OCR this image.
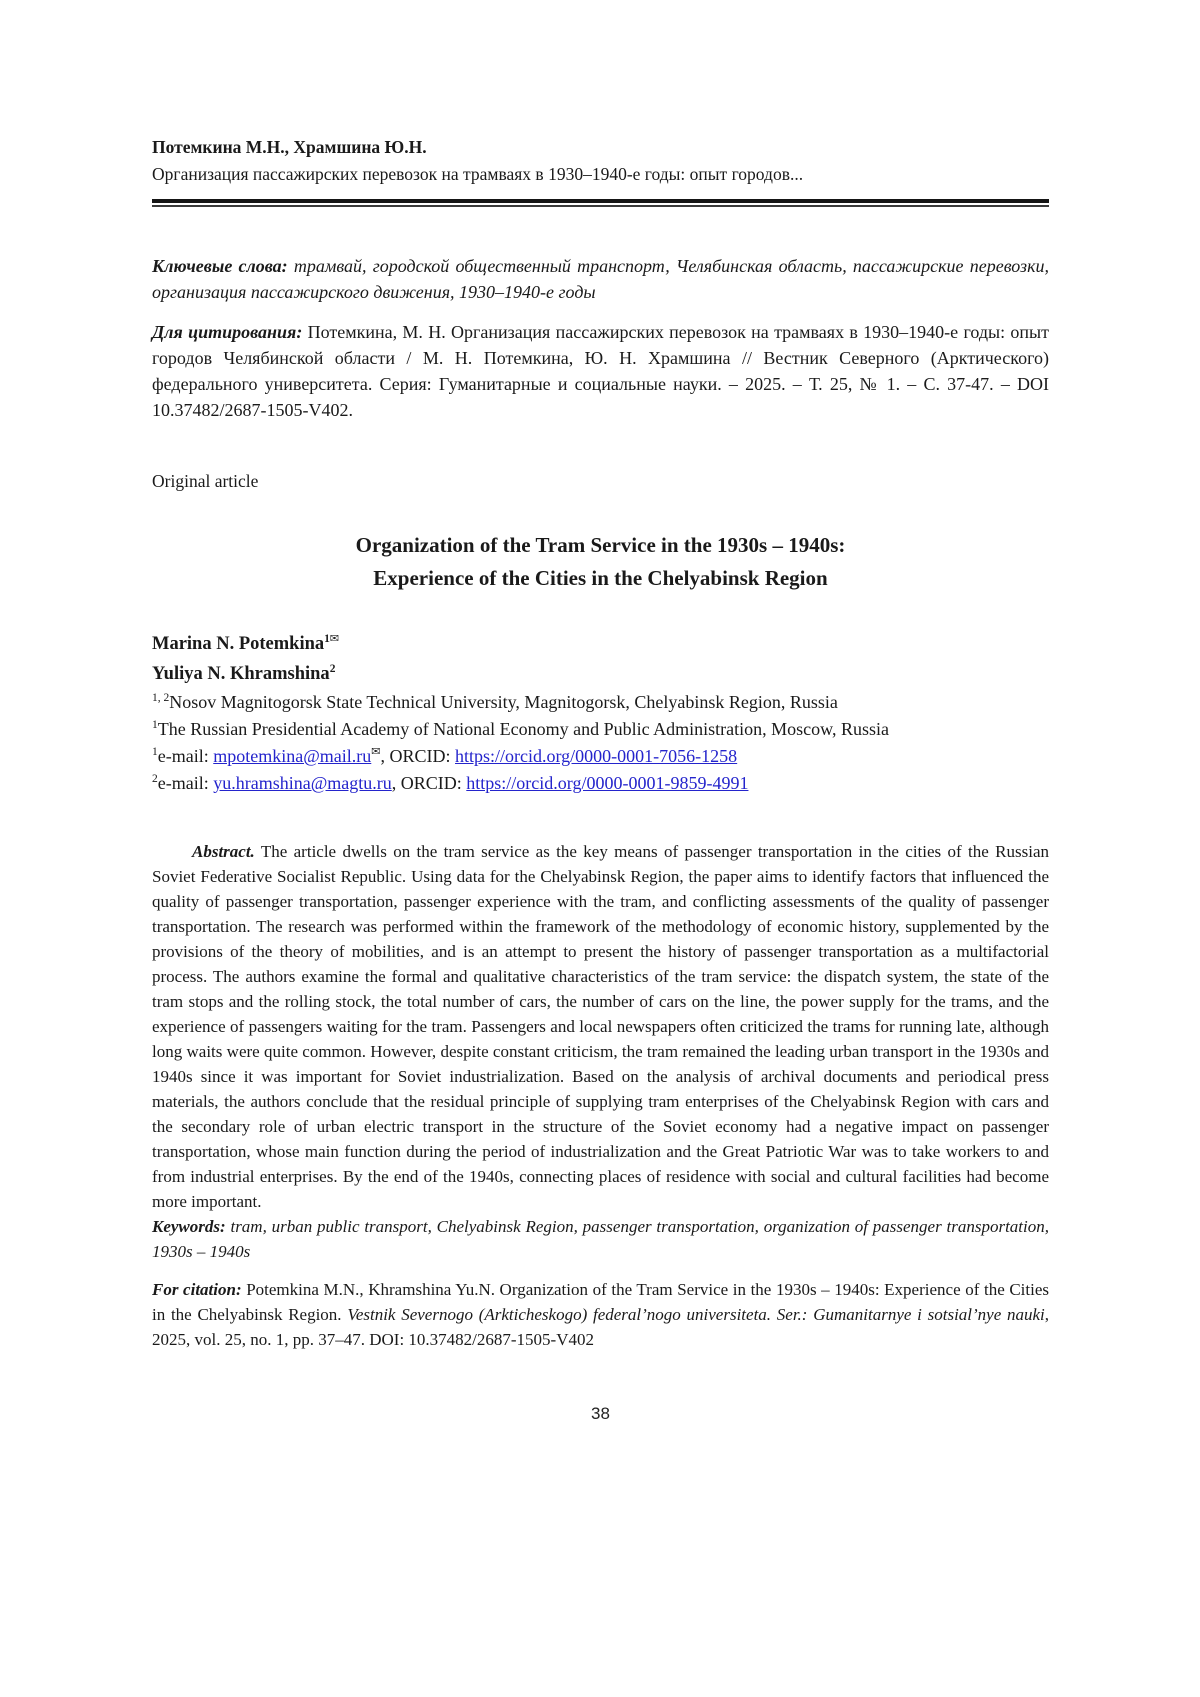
Потемкина М.Н., Храмшина Ю.Н.
Организация пассажирских перевозок на трамваях в 1930–1940-е годы: опыт городов...

Ключевые слова: трамвай, городской общественный транспорт, Челябинская область, пассажирские перевозки, организация пассажирского движения, 1930–1940-е годы

Для цитирования: Потемкина, М. Н. Организация пассажирских перевозок на трамваях в 1930–1940-е годы: опыт городов Челябинской области / М. Н. Потемкина, Ю. Н. Храмшина // Вестник Северного (Арктического) федерального университета. Серия: Гуманитарные и социальные науки. – 2025. – Т. 25, № 1. – С. 37-47. – DOI 10.37482/2687-1505-V402.

Original article
Organization of the Tram Service in the 1930s – 1940s:
Experience of the Cities in the Chelyabinsk Region
Marina N. Potemkina$^{1✉}$
Yuliya N. Khramshina$^2$
$^{1, 2}$Nosov Magnitogorsk State Technical University, Magnitogorsk, Chelyabinsk Region, Russia
$^1$The Russian Presidential Academy of National Economy and Public Administration, Moscow, Russia
$^1$e-mail: mpotemkina@mail.ru✉, ORCID: https://orcid.org/0000-0001-7056-1258
$^2$e-mail: yu.hramshina@magtu.ru, ORCID: https://orcid.org/0000-0001-9859-4991

Abstract. The article dwells on the tram service as the key means of passenger transportation in the cities of the Russian Soviet Federative Socialist Republic. Using data for the Chelyabinsk Region, the paper aims to identify factors that influenced the quality of passenger transportation, passenger experience with the tram, and conflicting assessments of the quality of passenger transportation. The research was performed within the framework of the methodology of economic history, supplemented by the provisions of the theory of mobilities, and is an attempt to present the history of passenger transportation as a multifactorial process. The authors examine the formal and qualitative characteristics of the tram service: the dispatch system, the state of the tram stops and the rolling stock, the total number of cars, the number of cars on the line, the power supply for the trams, and the experience of passengers waiting for the tram. Passengers and local newspapers often criticized the trams for running late, although long waits were quite common. However, despite constant criticism, the tram remained the leading urban transport in the 1930s and 1940s since it was important for Soviet industrialization. Based on the analysis of archival documents and periodical press materials, the authors conclude that the residual principle of supplying tram enterprises of the Chelyabinsk Region with cars and the secondary role of urban electric transport in the structure of the Soviet economy had a negative impact on passenger transportation, whose main function during the period of industrialization and the Great Patriotic War was to take workers to and from industrial enterprises. By the end of the 1940s, connecting places of residence with social and cultural facilities had become more important.

Keywords: tram, urban public transport, Chelyabinsk Region, passenger transportation, organization of passenger transportation, 1930s – 1940s

For citation: Potemkina M.N., Khramshina Yu.N. Organization of the Tram Service in the 1930s – 1940s: Experience of the Cities in the Chelyabinsk Region. Vestnik Severnogo (Arkticheskogo) federal’nogo universiteta. Ser.: Gumanitarnye i sotsial’nye nauki, 2025, vol. 25, no. 1, pp. 37–47. DOI: 10.37482/2687-1505-V402

38
